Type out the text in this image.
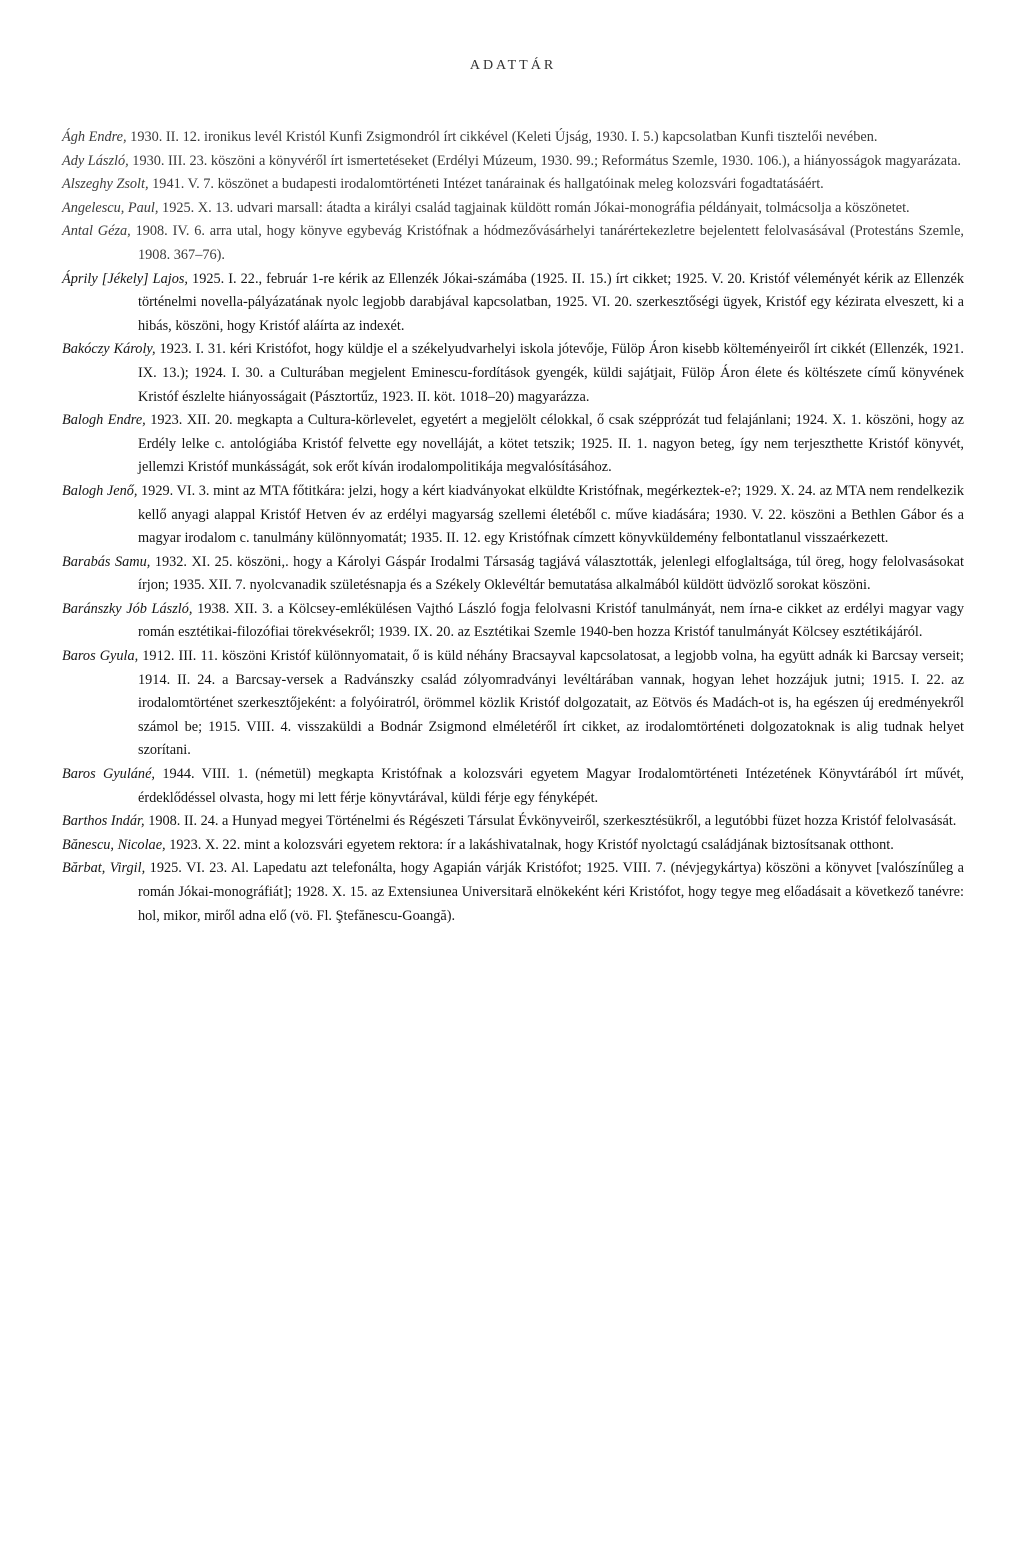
ADATTÁR
Ágh Endre, 1930. II. 12. ironikus levél Kristól Kunfi Zsigmondról írt cikkével (Keleti Újság, 1930. I. 5.) kapcsolatban Kunfi tisztelői nevében.
Ady László, 1930. III. 23. köszöni a könyvéről írt ismertetéseket (Erdélyi Múzeum, 1930. 99.; Református Szemle, 1930. 106.), a hiányosságok magyarázata.
Alszeghy Zsolt, 1941. V. 7. köszönet a budapesti irodalomtörténeti Intézet tanárainak és hallgatóinak meleg kolozsvári fogadtatásáért.
Angelescu, Paul, 1925. X. 13. udvari marsall: átadta a királyi család tagjainak küldött román Jókai-monográfia példányait, tolmácsolja a köszönetet.
Antal Géza, 1908. IV. 6. arra utal, hogy könyve egybevág Kristófnak a hódmezővásárhelyi tanárértekezletre bejelentett felolvasásával (Protestáns Szemle, 1908. 367–76).
Áprily [Jékely] Lajos, 1925. I. 22., február 1-re kérik az Ellenzék Jókai-számába (1925. II. 15.) írt cikket; 1925. V. 20. Kristóf véleményét kérik az Ellenzék történelmi novella-pályázatának nyolc legjobb darabjával kapcsolatban, 1925. VI. 20. szerkesztőségi ügyek, Kristóf egy kézirata elveszett, ki a hibás, köszöni, hogy Kristóf aláírta az indexét.
Bakóczy Károly, 1923. I. 31. kéri Kristófot, hogy küldje el a székelyudvarhelyi iskola jótevője, Fülöp Áron kisebb költeményeiről írt cikkét (Ellenzék, 1921. IX. 13.); 1924. I. 30. a Culturában megjelent Eminescu-fordítások gyengék, küldi sajátjait, Fülöp Áron élete és költészete című könyvének Kristóf észlelte hiányosságait (Pásztortűz, 1923. II. köt. 1018–20) magyarázza.
Balogh Endre, 1923. XII. 20. megkapta a Cultura-körlevelet, egyetért a megjelölt célokkal, ő csak szépprózát tud felajánlani; 1924. X. 1. köszöni, hogy az Erdély lelke c. antológiába Kristóf felvette egy novelláját, a kötet tetszik; 1925. II. 1. nagyon beteg, így nem terjeszthette Kristóf könyvét, jellemzi Kristóf munkásságát, sok erőt kíván irodalompolitikája megvalósításához.
Balogh Jenő, 1929. VI. 3. mint az MTA főtitkára: jelzi, hogy a kért kiadványokat elküldte Kristófnak, megérkeztek-e?; 1929. X. 24. az MTA nem rendelkezik kellő anyagi alappal Kristóf Hetven év az erdélyi magyarság szellemi életéből c. műve kiadására; 1930. V. 22. köszöni a Bethlen Gábor és a magyar irodalom c. tanulmány különnyomatát; 1935. II. 12. egy Kristófnak címzett könyvküldemény felbontatlanul visszaérkezett.
Barabás Samu, 1932. XI. 25. köszöni,. hogy a Károlyi Gáspár Irodalmi Társaság tagjává választották, jelenlegi elfoglaltsága, túl öreg, hogy felolvasásokat írjon; 1935. XII. 7. nyolcvanadik születésnapja és a Székely Oklevéltár bemutatása alkalmából küldött üdvözlő sorokat köszöni.
Baránszky Jób László, 1938. XII. 3. a Kölcsey-emlékülésen Vajthó László fogja felolvasni Kristóf tanulmányát, nem írna-e cikket az erdélyi magyar vagy román esztétikai-filozófiai törekvésekről; 1939. IX. 20. az Esztétikai Szemle 1940-ben hozza Kristóf tanulmányát Kölcsey esztétikájáról.
Baros Gyula, 1912. III. 11. köszöni Kristóf különnyomatait, ő is küld néhány Bracsayval kapcsolatosat, a legjobb volna, ha együtt adnák ki Barcsay verseit; 1914. II. 24. a Barcsay-versek a Radvánszky család zólyomradványi levéltárában vannak, hogyan lehet hozzájuk jutni; 1915. I. 22. az irodalomtörténet szerkesztőjeként: a folyóiratról, örömmel közlik Kristóf dolgozatait, az Eötvös és Madách-ot is, ha egészen új eredményekről számol be; 1915. VIII. 4. visszaküldi a Bodnár Zsigmond elméletéről írt cikket, az irodalomtörténeti dolgozatoknak is alig tudnak helyet szorítani.
Baros Gyuláné, 1944. VIII. 1. (németül) megkapta Kristófnak a kolozsvári egyetem Magyar Irodalomtörténeti Intézetének Könyvtárából írt művét, érdeklődéssel olvasta, hogy mi lett férje könyvtárával, küldi férje egy fényképét.
Barthos Indár, 1908. II. 24. a Hunyad megyei Történelmi és Régészeti Társulat Évkönyveiről, szerkesztésükről, a legutóbbi füzet hozza Kristóf felolvasását.
Bănescu, Nicolae, 1923. X. 22. mint a kolozsvári egyetem rektora: ír a lakáshivatalnak, hogy Kristóf nyolctagú családjának biztosítsanak otthont.
Bărbat, Virgil, 1925. VI. 23. Al. Lapedatu azt telefonálta, hogy Agapián várják Kristófot; 1925. VIII. 7. (névjegykártya) köszöni a könyvet [valószínűleg a román Jókai-monográfiát]; 1928. X. 15. az Extensiunea Universitară elnökeként kéri Kristófot, hogy tegye meg előadásait a következő tanévre: hol, mikor, miről adna elő (vö. Fl. Ştefănescu-Goangă).
